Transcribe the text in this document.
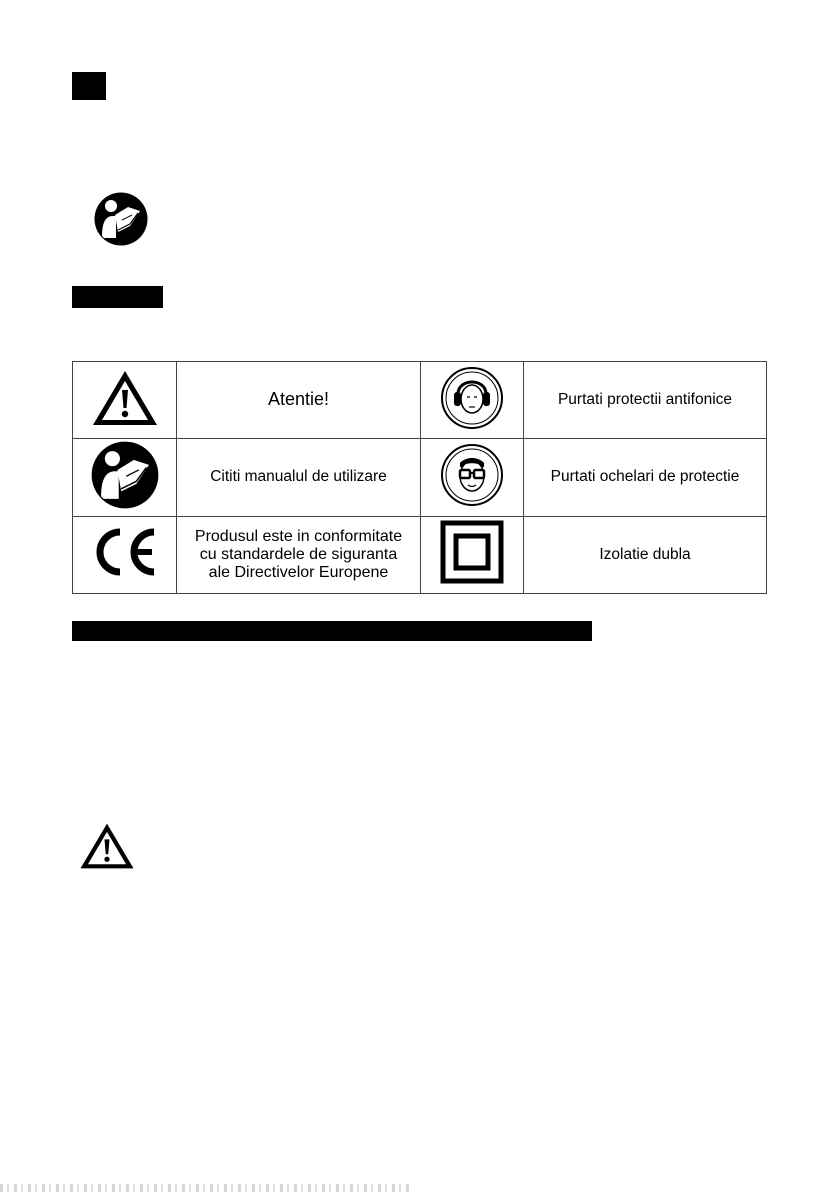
	Atentie!		Purtati protectii antifonice
	Cititi manualul de utilizare		Purtati ochelari de protectie

Produsul este in conformitate
cu standardele de siguranta
ale Directivelor Europene		Izolatie dubla
